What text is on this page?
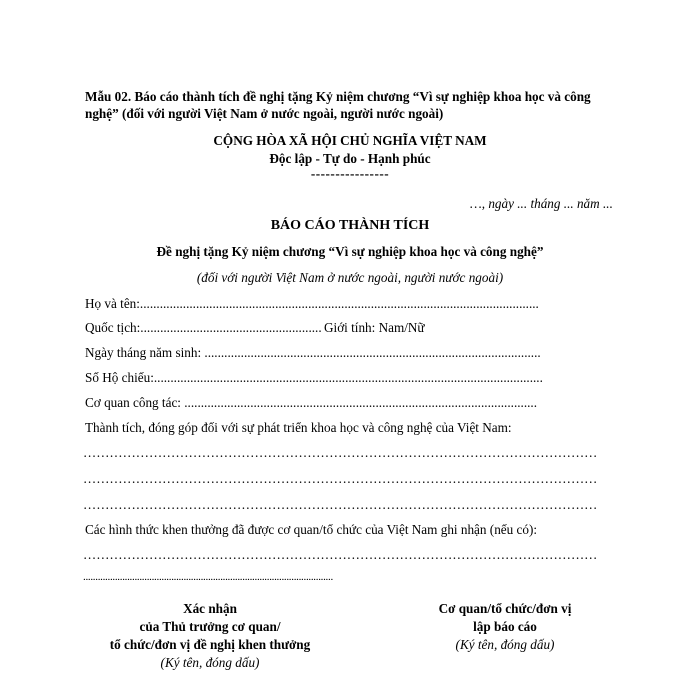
Mẫu 02. Báo cáo thành tích đề nghị tặng Kỷ niệm chương “Vì sự nghiệp khoa học và công nghệ” (đối với người Việt Nam ở nước ngoài, người nước ngoài)
CỘNG HÒA XÃ HỘI CHỦ NGHĨA VIỆT NAM
Độc lập - Tự do - Hạnh phúc
----------------
…, ngày ... tháng ... năm ...
BÁO CÁO THÀNH TÍCH
Đề nghị tặng Kỷ niệm chương “Vì sự nghiệp khoa học và công nghệ”
(đối với người Việt Nam ở nước ngoài, người nước ngoài)
Họ và tên:.........................................................................................................................
Quốc tịch:....................................................... Giới tính: Nam/Nữ
Ngày tháng năm sinh: ......................................................................................................
Số Hộ chiếu:......................................................................................................................
Cơ quan công tác: ...........................................................................................................
Thành tích, đóng góp đối với sự phát triển khoa học và công nghệ của Việt Nam:
………………………………………………………………………………………………………
………………………………………………………………………………………………………
………………………………………………………………………………………………………
Các hình thức khen thưởng đã được cơ quan/tổ chức của Việt Nam ghi nhận (nếu có):
………………………………………………………………………………………………………
......................................................................................................
Xác nhận
của Thủ trưởng cơ quan/
tổ chức/đơn vị đề nghị khen thưởng
(Ký tên, đóng dấu)
Cơ quan/tổ chức/đơn vị
lập báo cáo
(Ký tên, đóng dấu)
